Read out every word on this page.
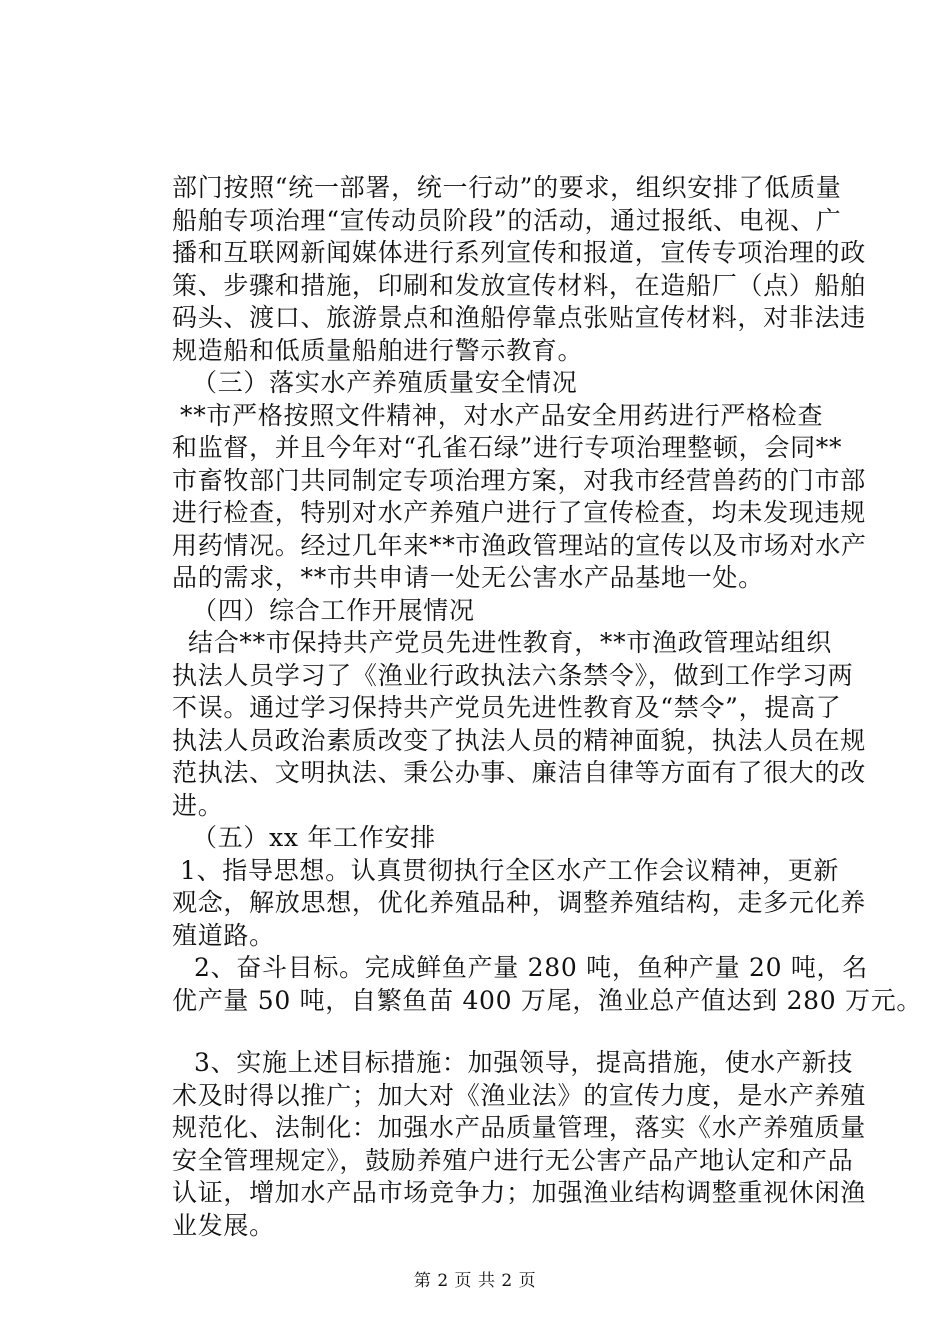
部门按照“统一部署，统一行动”的要求，组织安排了低质量
船舶专项治理“宣传动员阶段”的活动，通过报纸、电视、广
播和互联网新闻媒体进行系列宣传和报道，宣传专项治理的政
策、步骤和措施，印刷和发放宣传材料，在造船厂（点）船舶
码头、渡口、旅游景点和渔船停靠点张贴宣传材料，对非法违
规造船和低质量船舶进行警示教育。
（三）落实水产养殖质量安全情况
**市严格按照文件精神，对水产品安全用药进行严格检查
和监督，并且今年对“孔雀石绿”进行专项治理整顿，会同**
市畜牧部门共同制定专项治理方案，对我市经营兽药的门市部
进行检查，特别对水产养殖户进行了宣传检查，均未发现违规
用药情况。经过几年来**市渔政管理站的宣传以及市场对水产
品的需求，**市共申请一处无公害水产品基地一处。
（四）综合工作开展情况
结合**市保持共产党员先进性教育，**市渔政管理站组织
执法人员学习了《渔业行政执法六条禁令》，做到工作学习两
不误。通过学习保持共产党员先进性教育及“禁令”，提高了
执法人员政治素质改变了执法人员的精神面貌，执法人员在规
范执法、文明执法、秉公办事、廉洁自律等方面有了很大的改
进。
（五）xx 年工作安排
1、指导思想。认真贯彻执行全区水产工作会议精神，更新
观念，解放思想，优化养殖品种，调整养殖结构，走多元化养
殖道路。
2、奋斗目标。完成鲜鱼产量 280 吨，鱼种产量 20 吨，名
优产量 50 吨，自繁鱼苗 400 万尾，渔业总产值达到 280 万元。
3、实施上述目标措施：加强领导，提高措施，使水产新技
术及时得以推广；加大对《渔业法》的宣传力度，是水产养殖
规范化、法制化：加强水产品质量管理，落实《水产养殖质量
安全管理规定》，鼓励养殖户进行无公害产品产地认定和产品
认证，增加水产品市场竞争力；加强渔业结构调整重视休闲渔
业发展。
第 2 页 共 2 页
